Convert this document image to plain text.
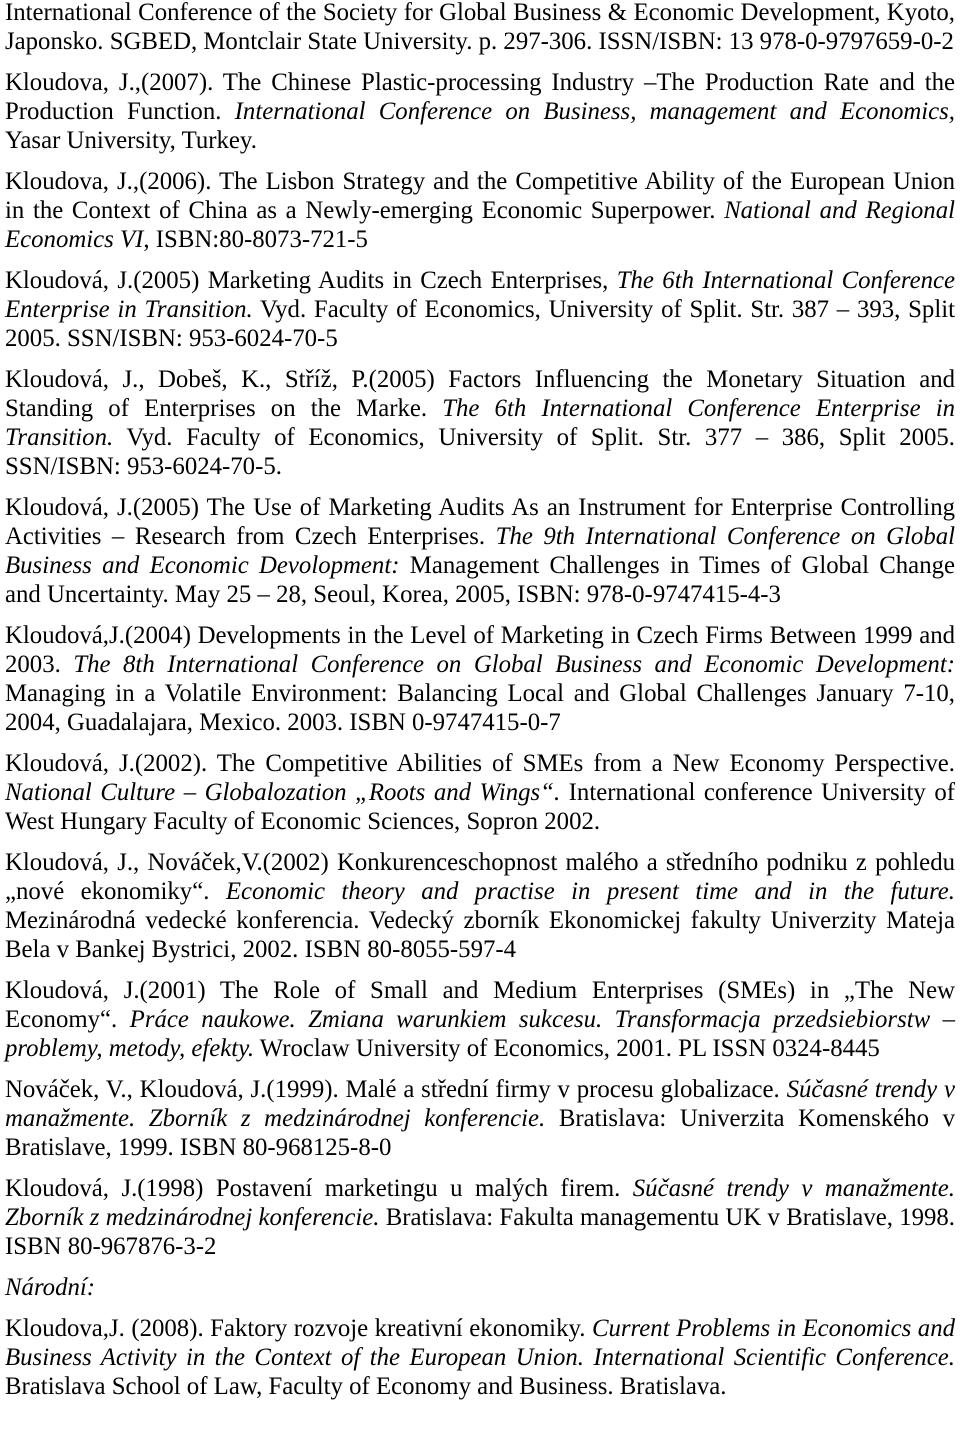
International Conference of the Society for Global Business & Economic Development, Kyoto, Japonsko. SGBED, Montclair State University. p. 297-306. ISSN/ISBN: 13 978-0-9797659-0-2

Kloudova, J.,(2007). The Chinese Plastic-processing Industry –The Production Rate and the Production Function. International Conference on Business, management and Economics, Yasar University, Turkey.

Kloudova, J.,(2006). The Lisbon Strategy and the Competitive Ability of the European Union in the Context of China as a Newly-emerging Economic Superpower. National and Regional Economics VI, ISBN:80-8073-721-5

Kloudová, J.(2005) Marketing Audits in Czech Enterprises, The 6th International Conference Enterprise in Transition. Vyd. Faculty of Economics, University of Split. Str. 387 – 393, Split 2005. SSN/ISBN: 953-6024-70-5

Kloudová, J., Dobeš, K., Stříž, P.(2005) Factors Influencing the Monetary Situation and Standing of Enterprises on the Marke. The 6th International Conference Enterprise in Transition. Vyd. Faculty of Economics, University of Split. Str. 377 – 386, Split 2005. SSN/ISBN: 953-6024-70-5.

Kloudová, J.(2005) The Use of Marketing Audits As an Instrument for Enterprise Controlling Activities – Research from Czech Enterprises. The 9th International Conference on Global Business and Economic Devolopment: Management Challenges in Times of Global Change and Uncertainty. May 25 – 28, Seoul, Korea, 2005, ISBN: 978-0-9747415-4-3

Kloudová,J.(2004) Developments in the Level of Marketing in Czech Firms Between 1999 and 2003. The 8th International Conference on Global Business and Economic Development: Managing in a Volatile Environment: Balancing Local and Global Challenges January 7-10, 2004, Guadalajara, Mexico. 2003. ISBN 0-9747415-0-7

Kloudová, J.(2002). The Competitive Abilities of SMEs from a New Economy Perspective. National Culture – Globalozation „Roots and Wings“. International conference University of West Hungary Faculty of Economic Sciences, Sopron 2002.

Kloudová, J., Nováček,V.(2002) Konkurenceschopnost malého a středního podniku z pohledu „nové ekonomiky“. Economic theory and practise in present time and in the future. Mezinárodná vedecké konferencia. Vedecký zborník Ekonomickej fakulty Univerzity Mateja Bela v Bankej Bystrici, 2002. ISBN 80-8055-597-4

Kloudová, J.(2001) The Role of Small and Medium Enterprises (SMEs) in „The New Economy“. Práce naukowe. Zmiana warunkiem sukcesu. Transformacja przedsiebiorstw – problemy, metody, efekty. Wroclaw University of Economics, 2001. PL ISSN 0324-8445

Nováček, V., Kloudová, J.(1999). Malé a střední firmy v procesu globalizace. Súčasné trendy v manažmente. Zborník z medzinárodnej konferencie. Bratislava: Univerzita Komenského v Bratislave, 1999. ISBN 80-968125-8-0

Kloudová, J.(1998) Postavení marketingu u malých firem. Súčasné trendy v manažmente. Zborník z medzinárodnej konferencie. Bratislava: Fakulta managementu UK v Bratislave, 1998. ISBN 80-967876-3-2

Národní:

Kloudova,J. (2008). Faktory rozvoje kreativní ekonomiky. Current Problems in Economics and Business Activity in the Context of the European Union. International Scientific Conference. Bratislava School of Law, Faculty of Economy and Business. Bratislava.
